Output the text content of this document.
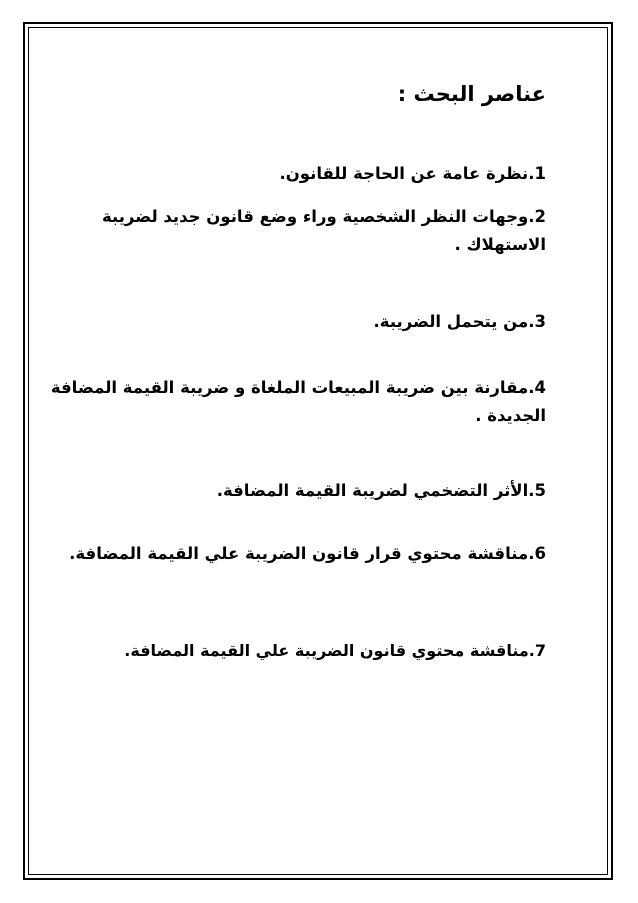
عناصر البحث :
1.نظرة عامة عن الحاجة للقانون.
2.وجهات النظر الشخصية وراء وضع قانون جديد لضريبة
الاستهلاك .
3.من يتحمل الضريبة.
4.مقارنة بين ضريبة المبيعات الملغاة و ضريبة القيمة المضافة
الجديدة .
5.الأثر التضخمي لضريبة القيمة المضافة.
6.مناقشة محتوي قرار قانون الضريبة علي القيمة المضافة.
7.مناقشة محتوي قانون الضريبة علي القيمة المضافة.
